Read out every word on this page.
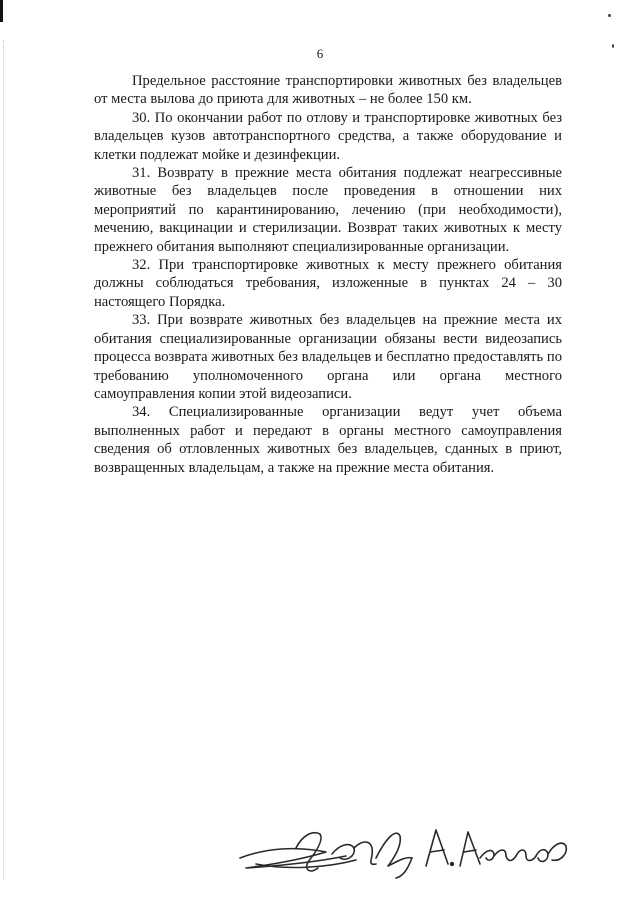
6

Предельное расстояние транспортировки животных без владельцев от места вылова до приюта для животных – не более 150 км.

30. По окончании работ по отлову и транспортировке животных без владельцев кузов автотранспортного средства, а также оборудование и клетки подлежат мойке и дезинфекции.

31. Возврату в прежние места обитания подлежат неагрессивные животные без владельцев после проведения в отношении них мероприятий по карантинированию, лечению (при необходимости), мечению, вакцинации и стерилизации. Возврат таких животных к месту прежнего обитания выполняют специализированные организации.

32. При транспортировке животных к месту прежнего обитания должны соблюдаться требования, изложенные в пунктах 24 – 30 настоящего Порядка.

33. При возврате животных без владельцев на прежние места их обитания специализированные организации обязаны вести видеозапись процесса возврата животных без владельцев и бесплатно предоставлять по требованию уполномоченного органа или органа местного самоуправления копии этой видеозаписи.

34. Специализированные организации ведут учет объема выполненных работ и передают в органы местного самоуправления сведения об отловленных животных без владельцев, сданных в приют, возвращенных владельцам, а также на прежние места обитания.
